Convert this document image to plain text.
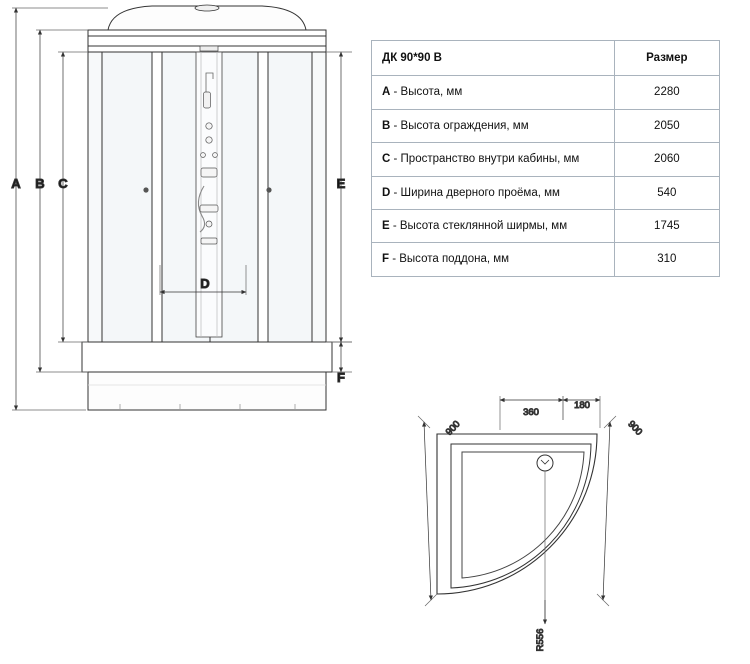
A B C
D
E
F
900
360
180
900
R556
ДК 90*90 В	Размер
A - Высота, мм	2280
B - Высота ограждения, мм	2050
C - Пространство внутри кабины, мм	2060
D - Ширина дверного проёма, мм	540
E - Высота стеклянной ширмы, мм	1745
F - Высота поддона, мм	310
